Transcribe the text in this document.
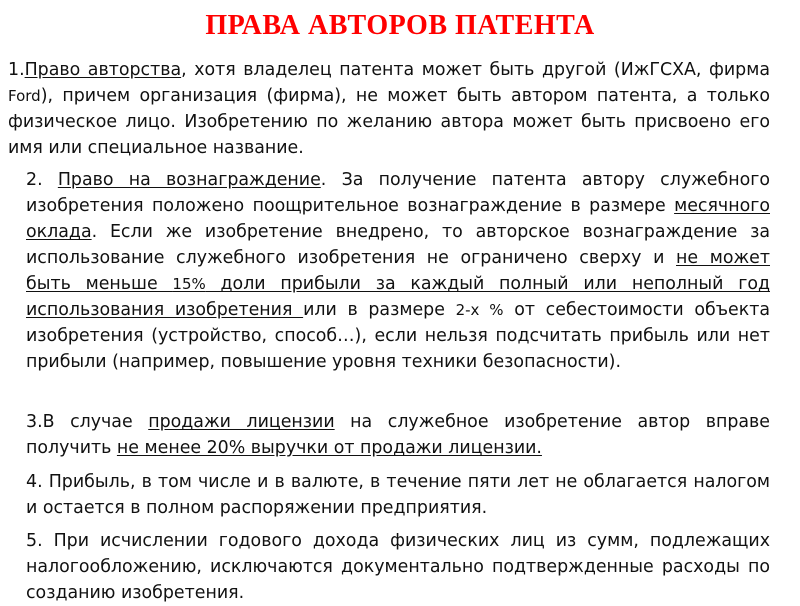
ПРАВА АВТОРОВ ПАТЕНТА

1.Право авторства, хотя владелец патента может быть другой (ИжГСХА, фирма Ford), причем организация (фирма), не может быть автором патента, а только физическое лицо. Изобретению по желанию автора может быть присвоено его имя или специальное название.

2. Право на вознаграждение. За получение патента автору служебного изобретения положено поощрительное вознаграждение в размере месячного оклада. Если же изобретение внедрено, то авторское вознаграждение за использование служебного изобретения не ограничено сверху и не может быть меньше 15% доли прибыли за каждый полный или неполный год использования изобретения или в размере 2-х % от себестоимости объекта изобретения (устройство, способ…), если нельзя подсчитать прибыль или нет прибыли (например, повышение уровня техники безопасности).

3.В случае продажи лицензии на служебное изобретение автор вправе получить не менее 20% выручки от продажи лицензии.

4. Прибыль, в том числе и в валюте, в течение пяти лет не облагается налогом и остается в полном распоряжении предприятия.

5. При исчислении годового дохода физических лиц из сумм, подлежащих налогообложению, исключаются документально подтвержденные расходы по созданию изобретения.
